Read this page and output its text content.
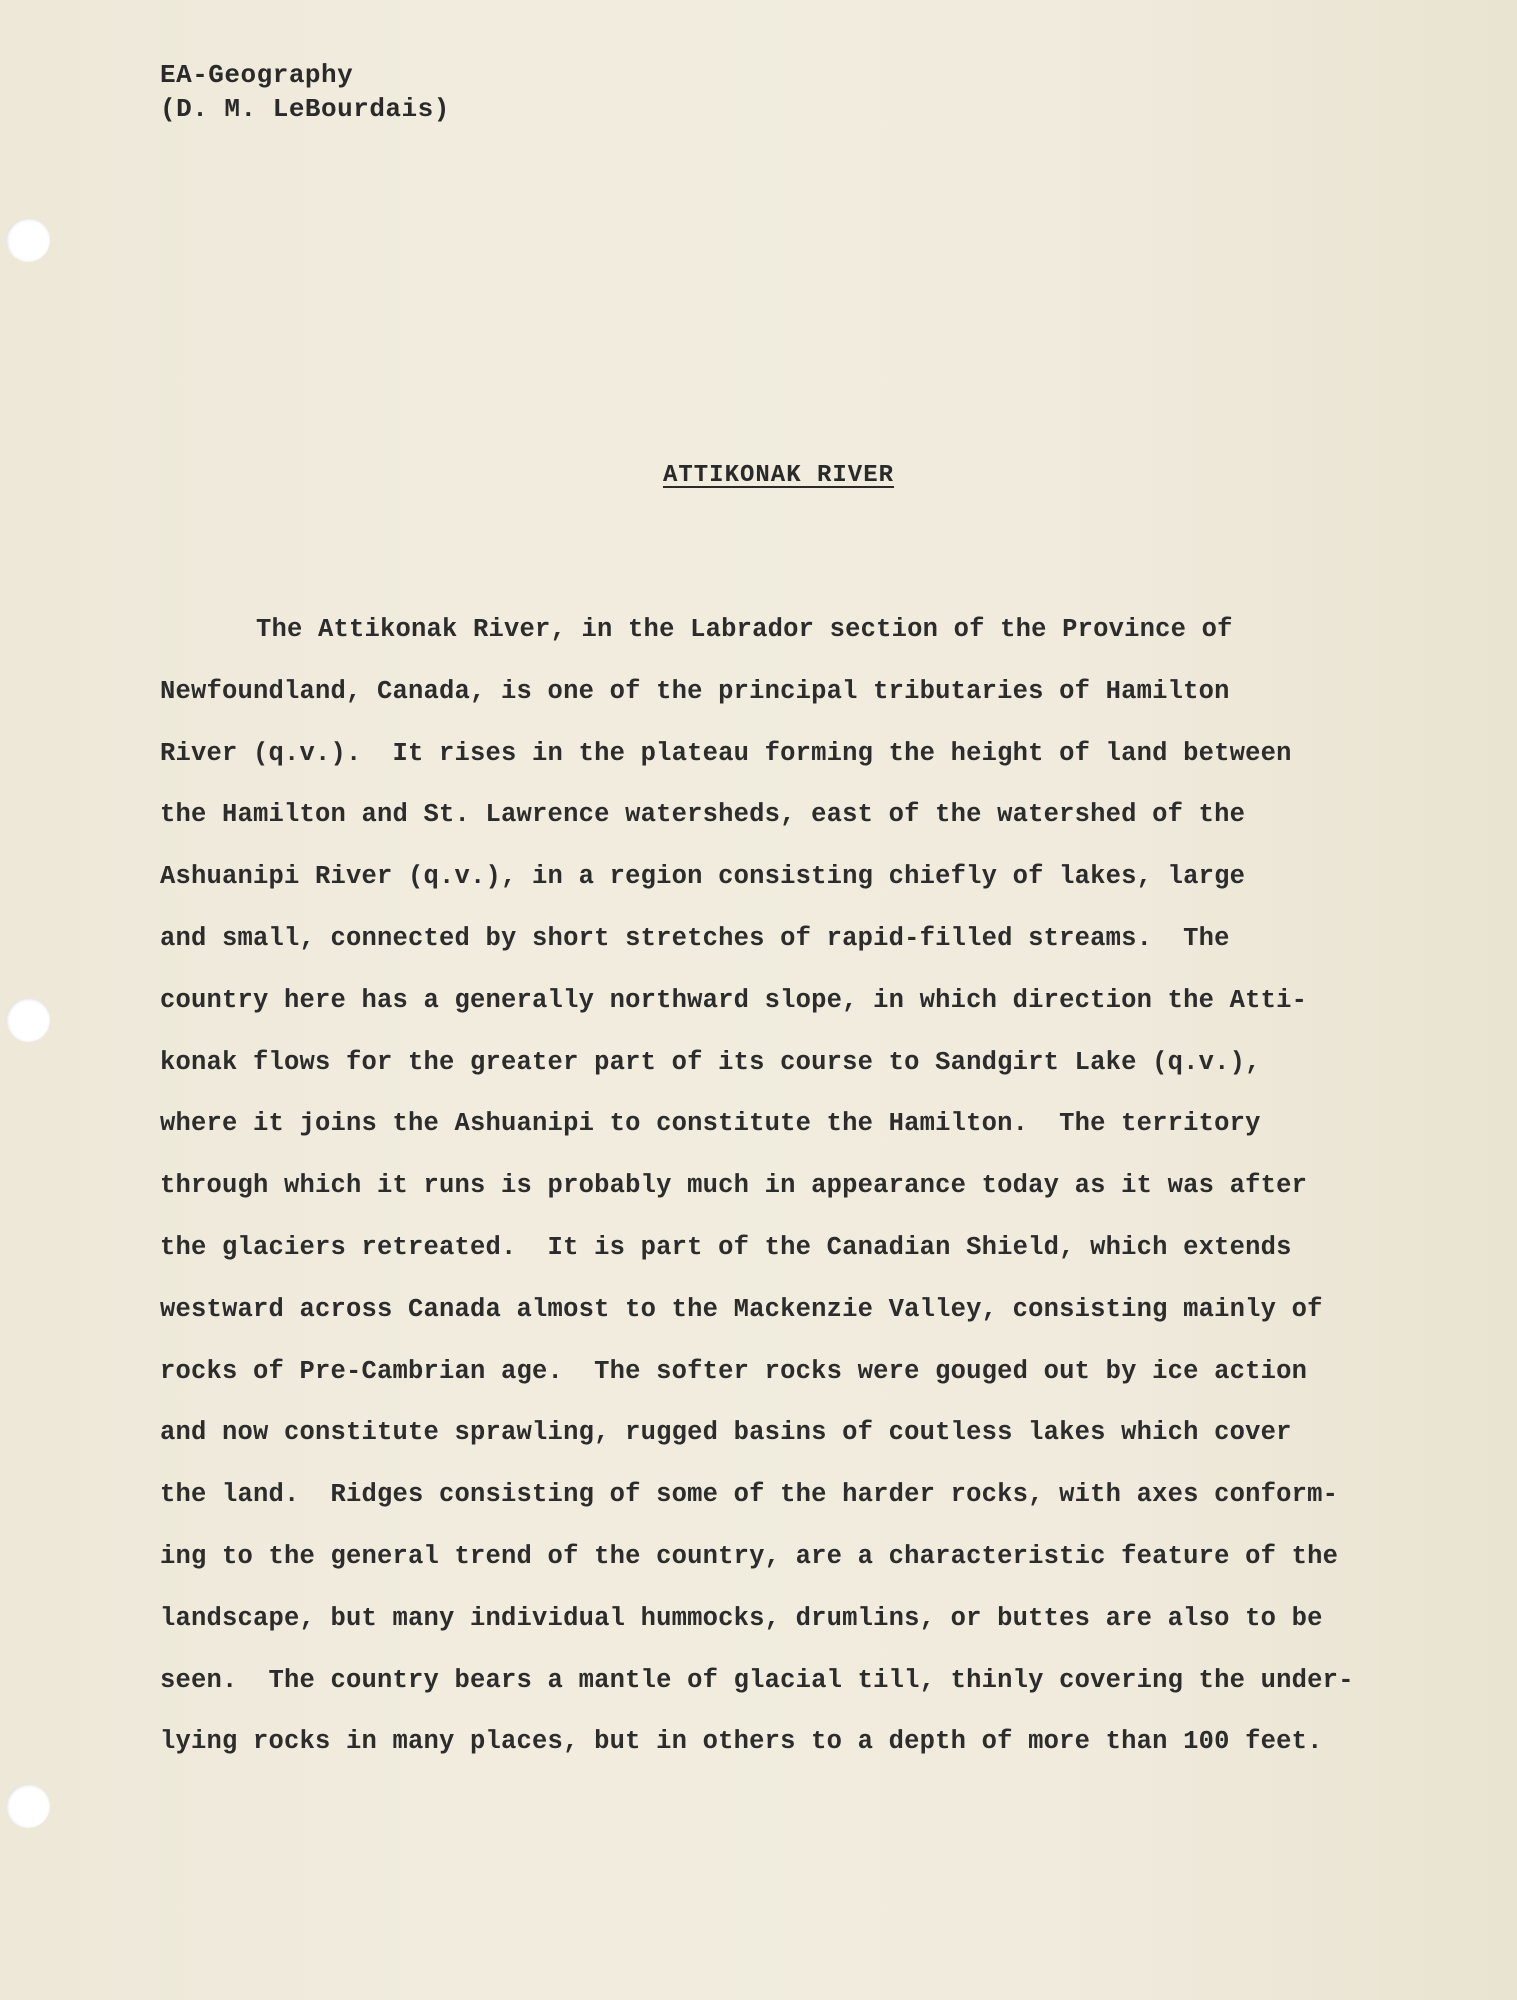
EA-Geography
(D. M. LeBourdais)
ATTIKONAK RIVER
The Attikonak River, in the Labrador section of the Province of
Newfoundland, Canada, is one of the principal tributaries of Hamilton
River (q.v.).  It rises in the plateau forming the height of land between
the Hamilton and St. Lawrence watersheds, east of the watershed of the
Ashuanipi River (q.v.), in a region consisting chiefly of lakes, large
and small, connected by short stretches of rapid-filled streams.  The
country here has a generally northward slope, in which direction the Atti-
konak flows for the greater part of its course to Sandgirt Lake (q.v.),
where it joins the Ashuanipi to constitute the Hamilton.  The territory
through which it runs is probably much in appearance today as it was after
the glaciers retreated.  It is part of the Canadian Shield, which extends
westward across Canada almost to the Mackenzie Valley, consisting mainly of
rocks of Pre-Cambrian age.  The softer rocks were gouged out by ice action
and now constitute sprawling, rugged basins of coutless lakes which cover
the land.  Ridges consisting of some of the harder rocks, with axes conform-
ing to the general trend of the country, are a characteristic feature of the
landscape, but many individual hummocks, drumlins, or buttes are also to be
seen.  The country bears a mantle of glacial till, thinly covering the under-
lying rocks in many places, but in others to a depth of more than 100 feet.
